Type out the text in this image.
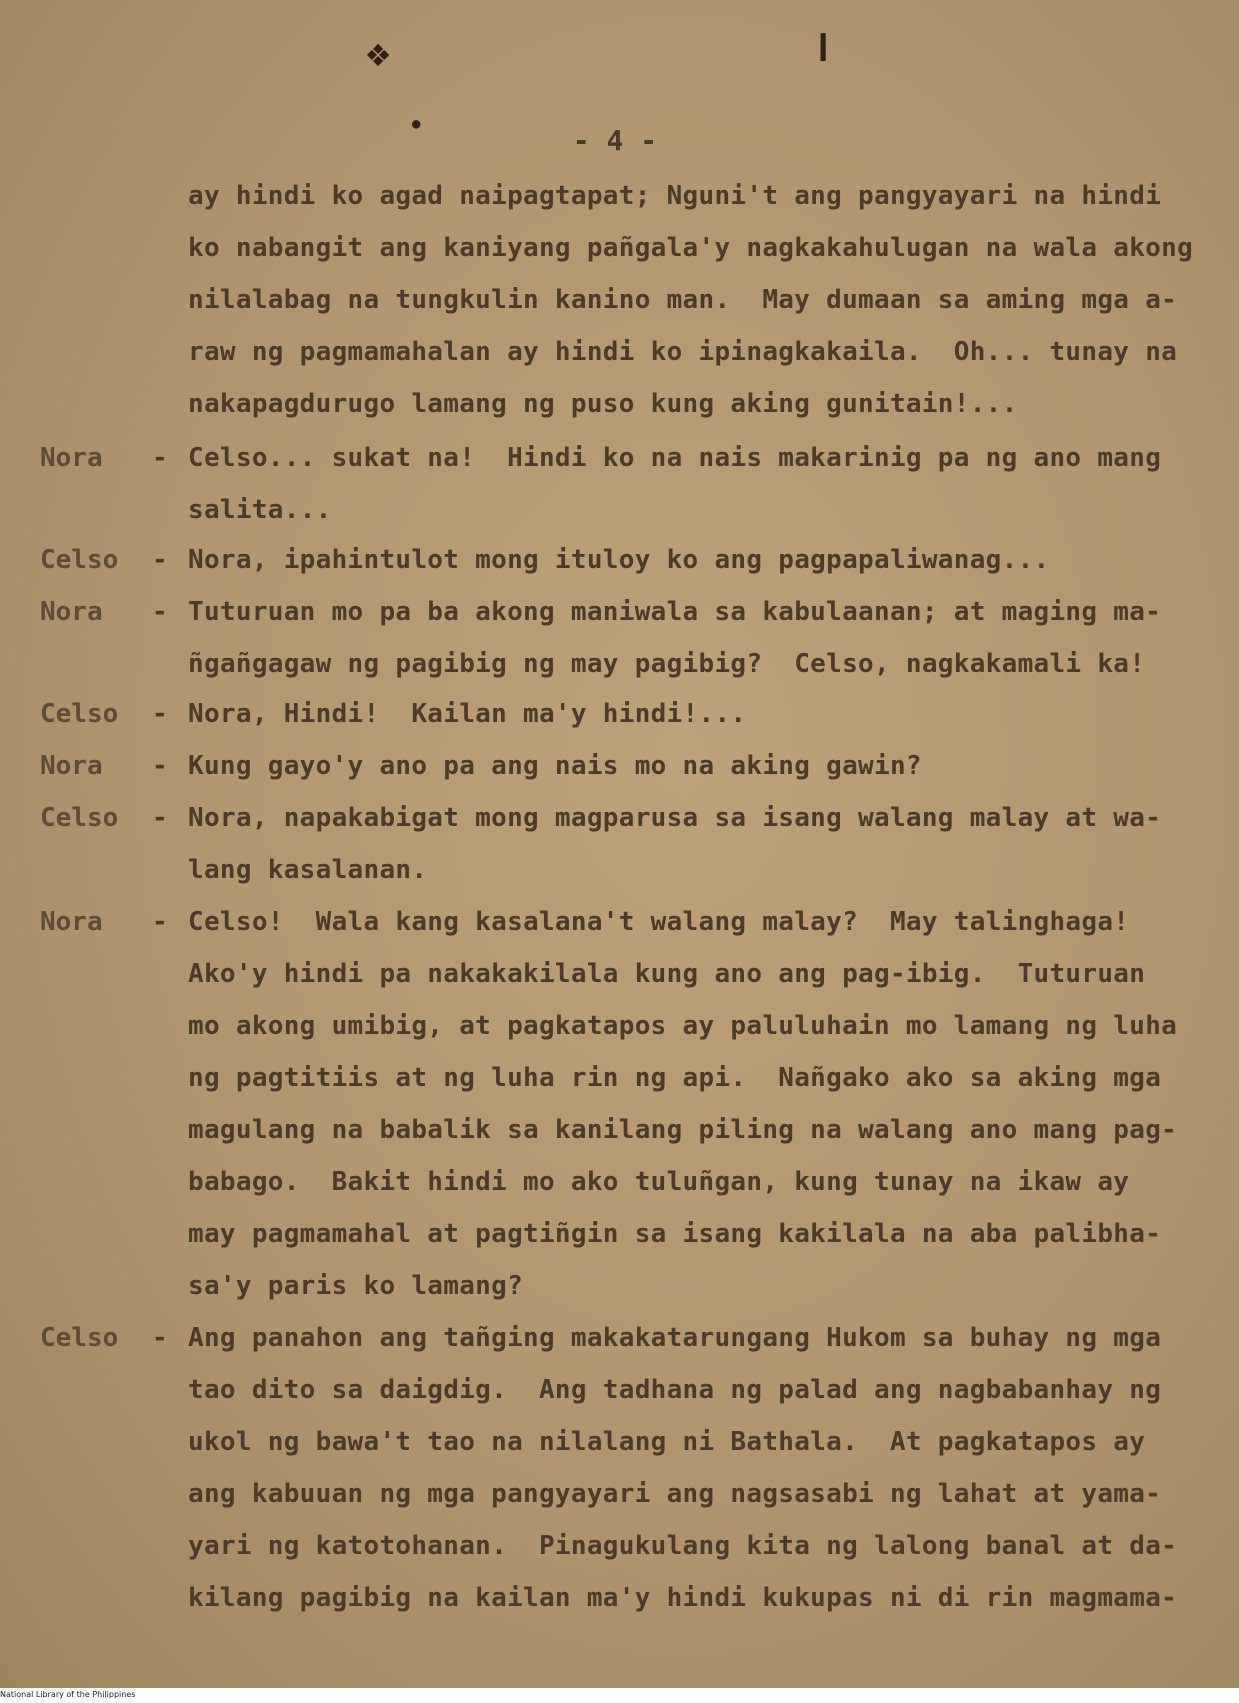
❖	❙
●	- 4 -
ay hindi ko agad naipagtapat; Nguni't ang pangyayari na hindi
ko nabangit ang kaniyang pañgala'y nagkakahulugan na wala akong
nilalabag na tungkulin kanino man.  May dumaan sa aming mga a-
raw ng pagmamahalan ay hindi ko ipinagkakaila.  Oh... tunay na
nakapagdurugo lamang ng puso kung aking gunitain!...
Nora - Celso... sukat na!  Hindi ko na nais makarinig pa ng ano mang
salita...
Celso - Nora, ipahintulot mong ituloy ko ang pagpapaliwanag...
Nora - Tuturuan mo pa ba akong maniwala sa kabulaanan; at maging ma-
ñgañgagaw ng pagibig ng may pagibig?  Celso, nagkakamali ka!
Celso - Nora, Hindi!  Kailan ma'y hindi!...
Nora - Kung gayo'y ano pa ang nais mo na aking gawin?
Celso - Nora, napakabigat mong magparusa sa isang walang malay at wa-
lang kasalanan.
Nora - Celso!  Wala kang kasalana't walang malay?  May talinghaga!
Ako'y hindi pa nakakakilala kung ano ang pag-ibig.  Tuturuan
mo akong umibig, at pagkatapos ay paluluhain mo lamang ng luha
ng pagtitiis at ng luha rin ng api.  Nañgako ako sa aking mga
magulang na babalik sa kanilang piling na walang ano mang pag-
babago.  Bakit hindi mo ako tuluñgan, kung tunay na ikaw ay
may pagmamahal at pagtiñgin sa isang kakilala na aba palibha-
sa'y paris ko lamang?
Celso - Ang panahon ang tañging makakatarungang Hukom sa buhay ng mga
tao dito sa daigdig.  Ang tadhana ng palad ang nagbabanhay ng
ukol ng bawa't tao na nilalang ni Bathala.  At pagkatapos ay
ang kabuuan ng mga pangyayari ang nagsasabi ng lahat at yama-
yari ng katotohanan.  Pinagukulang kita ng lalong banal at da-
kilang pagibig na kailan ma'y hindi kukupas ni di rin magmama-
National Library of the Philippines
